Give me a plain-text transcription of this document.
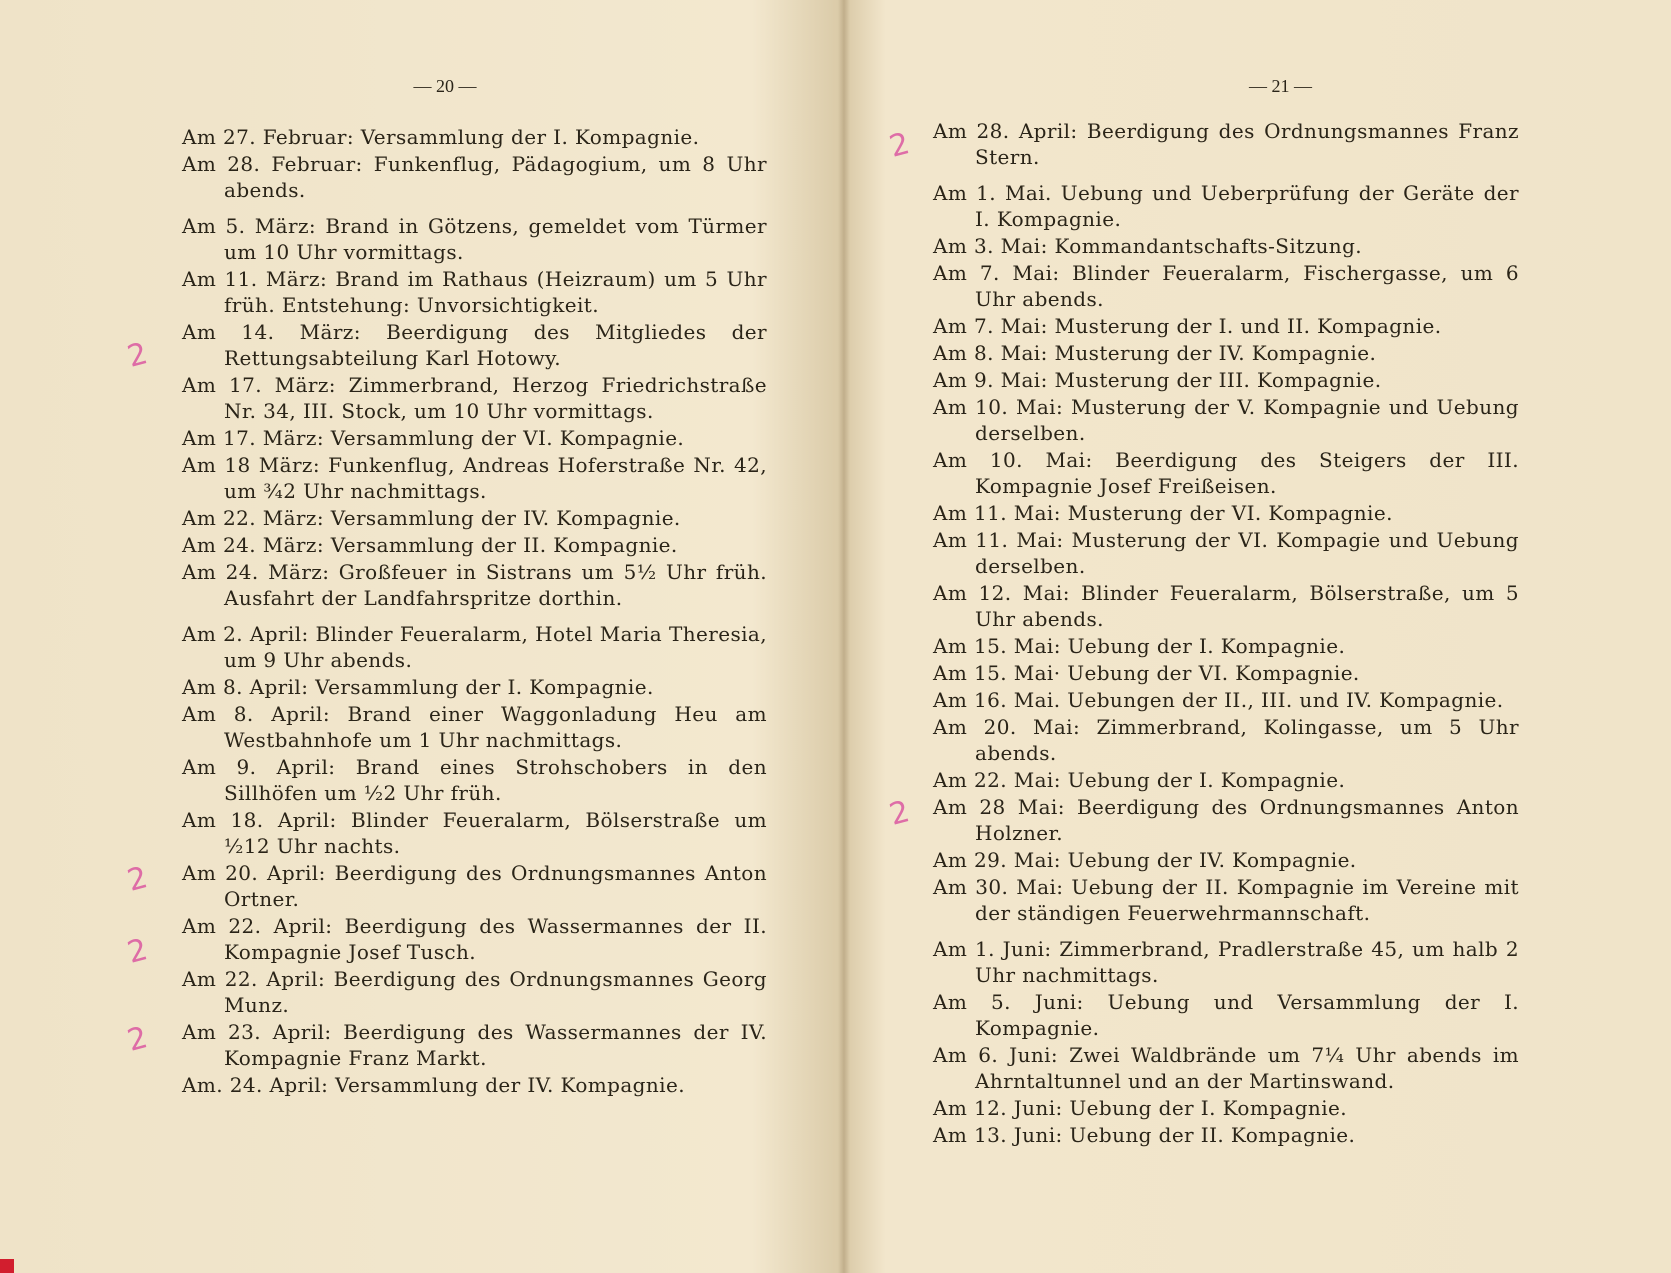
— 20 —
Am 27. Februar: Versammlung der I. Kompagnie.
Am 28. Februar: Funkenflug, Pädagogium, um 8 Uhr abends.
Am 5. März: Brand in Götzens, gemeldet vom Türmer um 10 Uhr vormittags.
Am 11. März: Brand im Rathaus (Heizraum) um 5 Uhr früh. Entstehung: Unvorsichtigkeit.
Am 14. März: Beerdigung des Mitgliedes der Rettungsabteilung Karl Hotowy.
Am 17. März: Zimmerbrand, Herzog Friedrichstraße Nr. 34, III. Stock, um 10 Uhr vormittags.
Am 17. März: Versammlung der VI. Kompagnie.
Am 18 März: Funkenflug, Andreas Hoferstraße Nr. 42, um ¾2 Uhr nachmittags.
Am 22. März: Versammlung der IV. Kompagnie.
Am 24. März: Versammlung der II. Kompagnie.
Am 24. März: Großfeuer in Sistrans um 5½ Uhr früh. Ausfahrt der Landfahrspritze dorthin.
Am 2. April: Blinder Feueralarm, Hotel Maria Theresia, um 9 Uhr abends.
Am 8. April: Versammlung der I. Kompagnie.
Am 8. April: Brand einer Waggonladung Heu am Westbahnhofe um 1 Uhr nachmittags.
Am 9. April: Brand eines Strohschobers in den Sillhöfen um ½2 Uhr früh.
Am 18. April: Blinder Feueralarm, Bölserstraße um ½12 Uhr nachts.
Am 20. April: Beerdigung des Ordnungsmannes Anton Ortner.
Am 22. April: Beerdigung des Wassermannes der II. Kompagnie Josef Tusch.
Am 22. April: Beerdigung des Ordnungsmannes Georg Munz.
Am 23. April: Beerdigung des Wassermannes der IV. Kompagnie Franz Markt.
Am. 24. April: Versammlung der IV. Kompagnie.
2
2
2
2
— 21 —
Am 28. April: Beerdigung des Ordnungsmannes Franz Stern.
Am 1. Mai. Uebung und Ueberprüfung der Geräte der I. Kompagnie.
Am 3. Mai: Kommandantschafts-Sitzung.
Am 7. Mai: Blinder Feueralarm, Fischergasse, um 6 Uhr abends.
Am 7. Mai: Musterung der I. und II. Kompagnie.
Am 8. Mai: Musterung der IV. Kompagnie.
Am 9. Mai: Musterung der III. Kompagnie.
Am 10. Mai: Musterung der V. Kompagnie und Uebung derselben.
Am 10. Mai: Beerdigung des Steigers der III. Kompagnie Josef Freißeisen.
Am 11. Mai: Musterung der VI. Kompagnie.
Am 11. Mai: Musterung der VI. Kompagie und Uebung derselben.
Am 12. Mai: Blinder Feueralarm, Bölserstraße, um 5 Uhr abends.
Am 15. Mai: Uebung der I. Kompagnie.
Am 15. Mai· Uebung der VI. Kompagnie.
Am 16. Mai. Uebungen der II., III. und IV. Kompagnie.
Am 20. Mai: Zimmerbrand, Kolingasse, um 5 Uhr abends.
Am 22. Mai: Uebung der I. Kompagnie.
Am 28 Mai: Beerdigung des Ordnungsmannes Anton Holzner.
Am 29. Mai: Uebung der IV. Kompagnie.
Am 30. Mai: Uebung der II. Kompagnie im Vereine mit der ständigen Feuerwehrmannschaft.
Am 1. Juni: Zimmerbrand, Pradlerstraße 45, um halb 2 Uhr nachmittags.
Am 5. Juni: Uebung und Versammlung der I. Kompagnie.
Am 6. Juni: Zwei Waldbrände um 7¼ Uhr abends im Ahrntaltunnel und an der Martinswand.
Am 12. Juni: Uebung der I. Kompagnie.
Am 13. Juni: Uebung der II. Kompagnie.
2
2
